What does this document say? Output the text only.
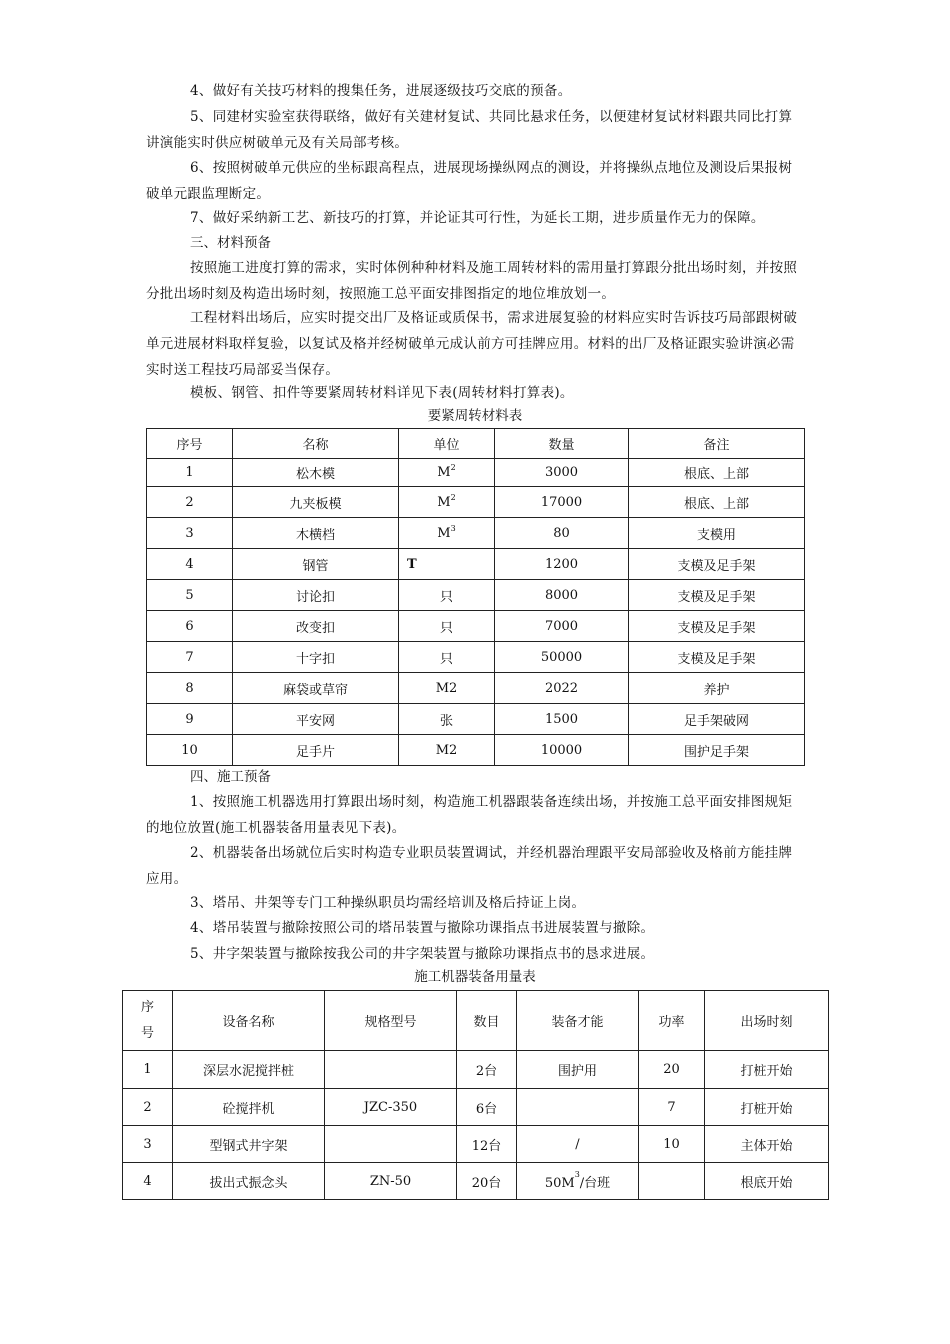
4、做好有关技巧材料的搜集任务，进展逐级技巧交底的预备。

5、同建材实验室获得联络，做好有关建材复试、共同比悬求任务，以便建材复试材料跟共同比打算讲演能实时供应树破单元及有关局部考核。

6、按照树破单元供应的坐标跟高程点，进展现场操纵网点的测设，并将操纵点地位及测设后果报树破单元跟监理断定。

7、做好采纳新工艺、新技巧的打算，并论证其可行性，为延长工期，进步质量作无力的保障。

三、材料预备

按照施工进度打算的需求，实时体例种种材料及施工周转材料的需用量打算跟分批出场时刻，并按照分批出场时刻及构造出场时刻，按照施工总平面安排图指定的地位堆放划一。

工程材料出场后，应实时提交出厂及格证或质保书，需求进展复验的材料应实时告诉技巧局部跟树破单元进展材料取样复验，以复试及格并经树破单元成认前方可挂牌应用。材料的出厂及格证跟实验讲演必需实时送工程技巧局部妥当保存。

模板、钢管、扣件等要紧周转材料详见下表(周转材料打算表)。

要紧周转材料表

序号	名称	单位	数量	备注
1	松木模	$M^2$	3000	根底、上部
2	九夹板模	$M^2$	17000	根底、上部
3	木横档	$M^3$	80	支模用
4	钢管	T	1200	支模及足手架
5	讨论扣	只	8000	支模及足手架
6	改变扣	只	7000	支模及足手架
7	十字扣	只	50000	支模及足手架
8	麻袋或草帘	M2	2022	养护
9	平安网	张	1500	足手架破网
10	足手片	M2	10000	围护足手架

四、施工预备

1、按照施工机器选用打算跟出场时刻，构造施工机器跟装备连续出场，并按施工总平面安排图规矩的地位放置(施工机器装备用量表见下表)。

2、机器装备出场就位后实时构造专业职员装置调试，并经机器治理跟平安局部验收及格前方能挂牌应用。

3、塔吊、井架等专门工种操纵职员均需经培训及格后持证上岗。

4、塔吊装置与撤除按照公司的塔吊装置与撤除功课指点书进展装置与撤除。

5、井字架装置与撤除按我公司的井字架装置与撤除功课指点书的恳求进展。

施工机器装备用量表

序号	设备名称	规格型号	数目	装备才能	功率	出场时刻
1	深层水泥搅拌桩		2台	围护用	20	打桩开始
2	砼搅拌机	JZC-350	6台		7	打桩开始
3	型钢式井字架		12台	/	10	主体开始
4	拔出式振念头	ZN-50	20台	$50M^3/$台班		根底开始
